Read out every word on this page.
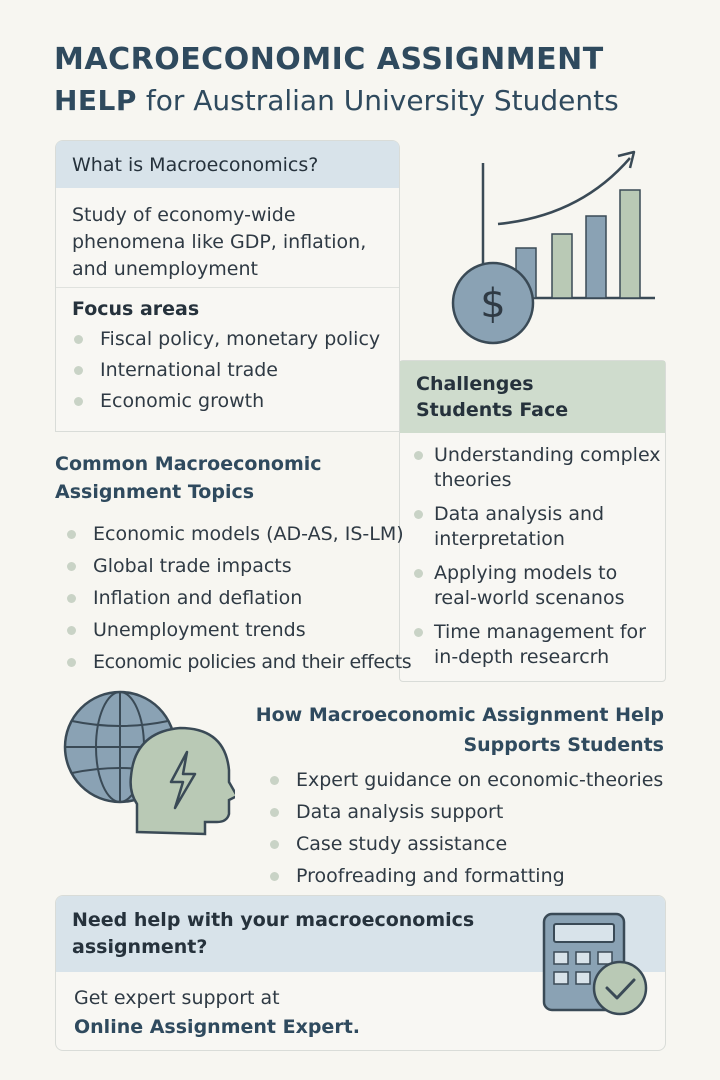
MACROECONOMIC ASSIGNMENT
HELP for Australian University Students
What is Macroeconomics?
Study of economy-wide phenomena like GDP, inflation, and unemployment
Focus areas
Fiscal policy, monetary policy
International trade
Economic growth
$
Challenges
Students Face
Understanding complex theories
Data analysis and interpretation
Applying models to real-world scenanos
Time management for in-depth researcrh
Common Macroeconomic
Assignment Topics
Economic models (AD-AS, IS-LM)
Global trade impacts
Inflation and deflation
Unemployment trends
Economic policies and their effects
How Macroeconomic Assignment Help
Supports Students
Expert guidance on economic-theories
Data analysis support
Case study assistance
Proofreading and formatting
Need help with your macroeconomics assignment?
Get expert support at
Online Assignment Expert.
